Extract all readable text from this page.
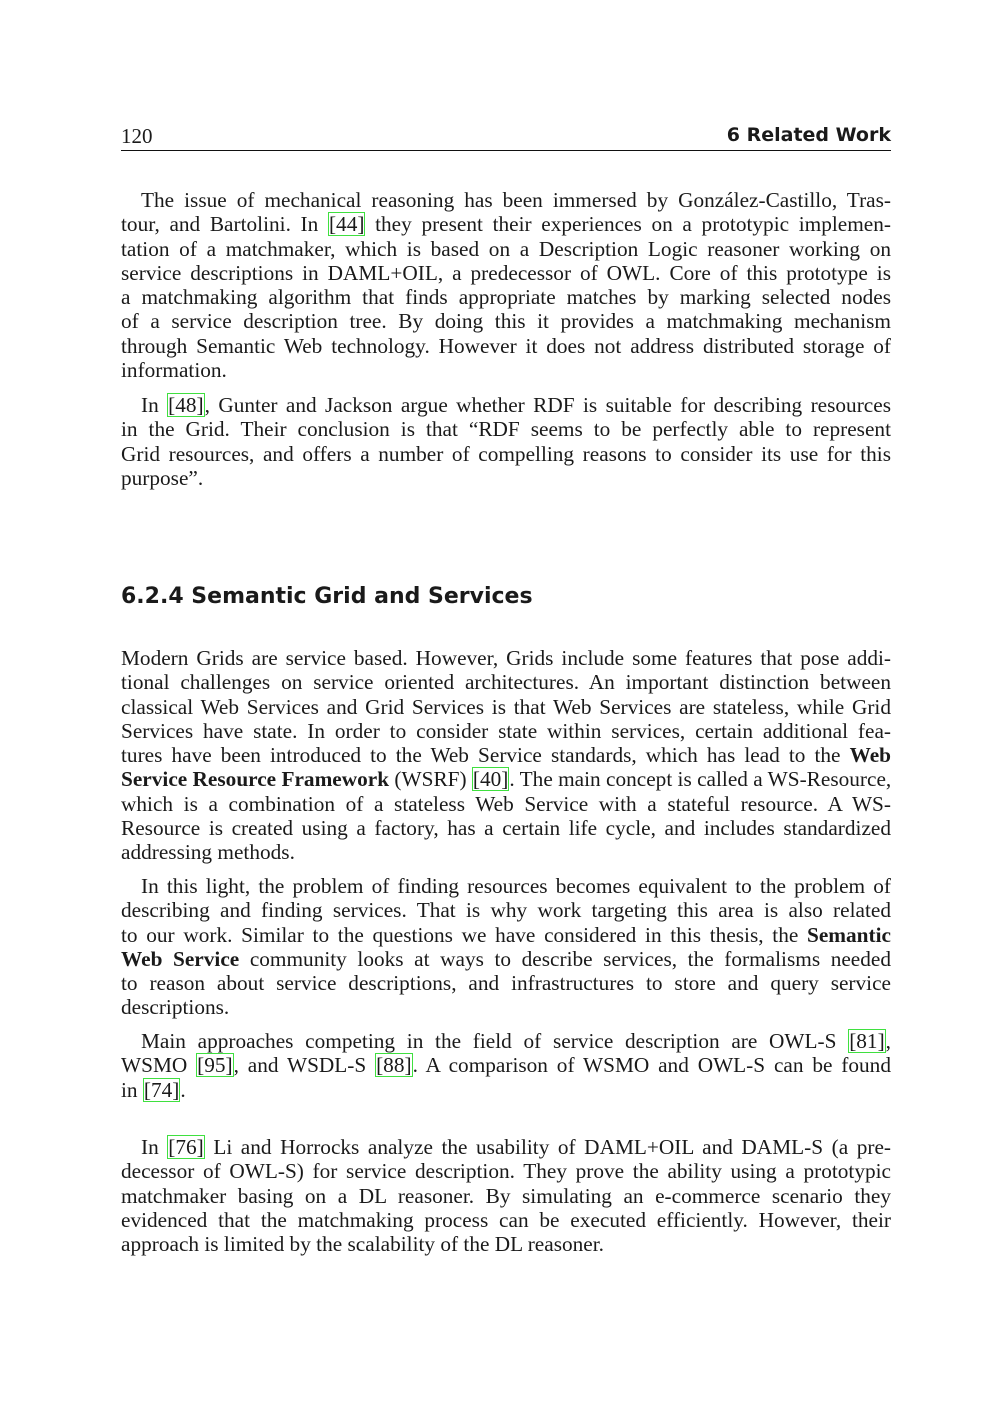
120	6 Related Work
The issue of mechanical reasoning has been immersed by González-Castillo, Tras-
tour, and Bartolini. In [44] they present their experiences on a prototypic implemen-
tation of a matchmaker, which is based on a Description Logic reasoner working on
service descriptions in DAML+OIL, a predecessor of OWL. Core of this prototype is
a matchmaking algorithm that finds appropriate matches by marking selected nodes
of a service description tree. By doing this it provides a matchmaking mechanism
through Semantic Web technology. However it does not address distributed storage of
information.
In [48], Gunter and Jackson argue whether RDF is suitable for describing resources
in the Grid. Their conclusion is that “RDF seems to be perfectly able to represent
Grid resources, and offers a number of compelling reasons to consider its use for this
purpose”.
6.2.4 Semantic Grid and Services
Modern Grids are service based. However, Grids include some features that pose addi-
tional challenges on service oriented architectures. An important distinction between
classical Web Services and Grid Services is that Web Services are stateless, while Grid
Services have state. In order to consider state within services, certain additional fea-
tures have been introduced to the Web Service standards, which has lead to the Web
Service Resource Framework (WSRF) [40]. The main concept is called a WS-Resource,
which is a combination of a stateless Web Service with a stateful resource. A WS-
Resource is created using a factory, has a certain life cycle, and includes standardized
addressing methods.
In this light, the problem of finding resources becomes equivalent to the problem of
describing and finding services. That is why work targeting this area is also related
to our work. Similar to the questions we have considered in this thesis, the Semantic
Web Service community looks at ways to describe services, the formalisms needed
to reason about service descriptions, and infrastructures to store and query service
descriptions.
Main approaches competing in the field of service description are OWL-S [81],
WSMO [95], and WSDL-S [88]. A comparison of WSMO and OWL-S can be found
in [74].
In [76] Li and Horrocks analyze the usability of DAML+OIL and DAML-S (a pre-
decessor of OWL-S) for service description. They prove the ability using a prototypic
matchmaker basing on a DL reasoner. By simulating an e-commerce scenario they
evidenced that the matchmaking process can be executed efficiently. However, their
approach is limited by the scalability of the DL reasoner.
